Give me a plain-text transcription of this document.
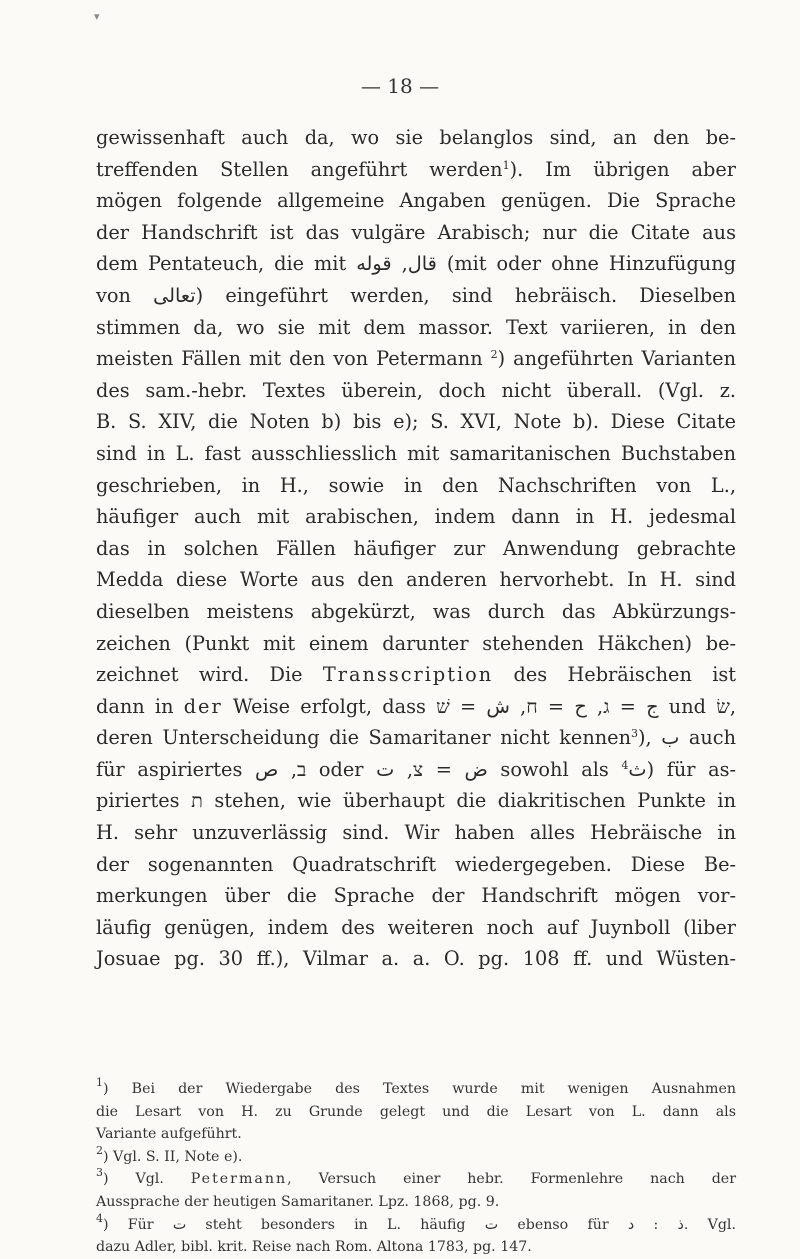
▾
— 18 —
gewissenhaft auch da, wo sie belanglos sind, an den be-
treffenden Stellen angeführt werden$^1$). Im übrigen aber
mögen folgende allgemeine Angaben genügen. Die Sprache
der Handschrift ist das vulgäre Arabisch; nur die Citate aus
dem Pentateuch, die mit	قال, قوله (mit oder ohne Hinzufügung
von تعالى) eingeführt werden, sind hebräisch. Dieselben
stimmen da, wo sie mit dem massor. Text variieren, in den
meisten Fällen mit den von Petermann $^2$) angeführten Varianten
des sam.-hebr. Textes überein, doch nicht überall. (Vgl. z.
B. S. XIV, die Noten b) bis e); S. XVI, Note b). Diese Citate
sind in L. fast ausschliesslich mit samaritanischen Buchstaben
geschrieben, in H., sowie in den Nachschriften von L.,
häufiger auch mit arabischen, indem dann in H. jedesmal
das in solchen Fällen häufiger zur Anwendung gebrachte
Medda diese Worte aus den anderen hervorhebt. In H. sind
dieselben meistens abgekürzt, was durch das Abkürzungs-
zeichen (Punkt mit einem darunter stehenden Häkchen) be-
zeichnet wird. Die Transscription des Hebräischen ist
dann in der Weise erfolgt, dass	ج = ג, ح = ח, ش = שׁ und שׂ,
deren Unterscheidung die Samaritaner nicht kennen$^3$), ب auch
für aspiriertes ב, ص oder	ض = צ, ت	sowohl als ث$^4$ ) für as-
piriertes ת stehen, wie überhaupt die diakritischen Punkte in
H. sehr unzuverlässig sind. Wir haben alles Hebräische in
der sogenannten Quadratschrift wiedergegeben. Diese Be-
merkungen über die Sprache der Handschrift mögen vor-
läufig genügen, indem des weiteren noch auf Juynboll (liber
Josuae pg. 30 ff.), Vilmar a. a. O. pg. 108 ff. und Wüsten-
$^1$) Bei der Wiedergabe des Textes wurde mit wenigen Ausnahmen
die Lesart von H. zu Grunde gelegt und die Lesart von L. dann als
Variante aufgeführt.
$^2$) Vgl. S. II, Note e).
$^3$) Vgl. Petermann, Versuch einer hebr. Formenlehre nach der
Aussprache der heutigen Samaritaner. Lpz. 1868, pg. 9.
$^4$) Für ت steht besonders in L. häufig ت ebenso für	ذ : د	. Vgl.
dazu Adler, bibl. krit. Reise nach Rom. Altona 1783, pg. 147.
